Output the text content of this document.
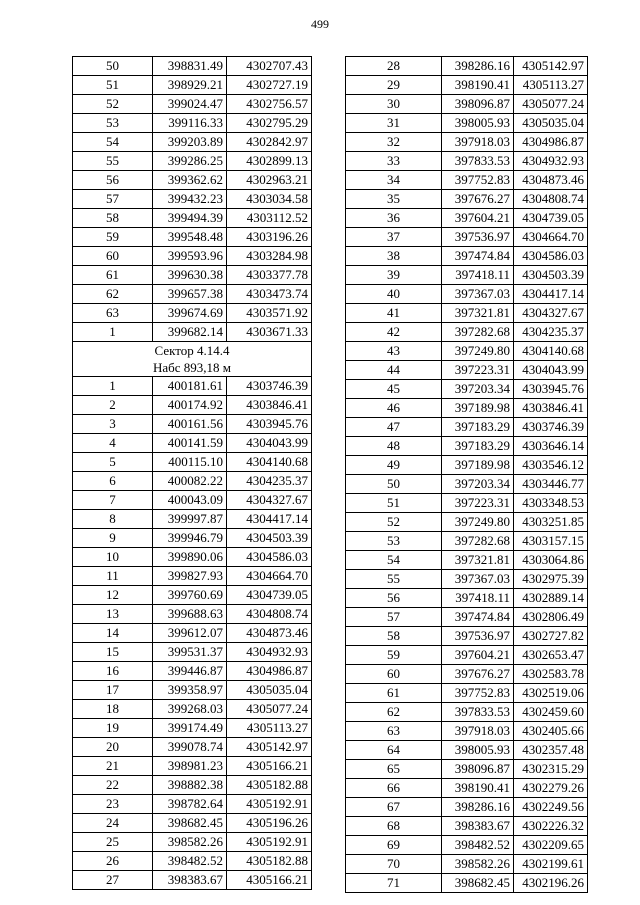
499
50	398831.49	4302707.43
51	398929.21	4302727.19
52	399024.47	4302756.57
53	399116.33	4302795.29
54	399203.89	4302842.97
55	399286.25	4302899.13
56	399362.62	4302963.21
57	399432.23	4303034.58
58	399494.39	4303112.52
59	399548.48	4303196.26
60	399593.96	4303284.98
61	399630.38	4303377.78
62	399657.38	4303473.74
63	399674.69	4303571.92
1	399682.14	4303671.33

Сектор 4.14.4
Набс 893,18 м		

1	400181.61	4303746.39
2	400174.92	4303846.41
3	400161.56	4303945.76
4	400141.59	4304043.99
5	400115.10	4304140.68
6	400082.22	4304235.37
7	400043.09	4304327.67
8	399997.87	4304417.14
9	399946.79	4304503.39
10	399890.06	4304586.03
11	399827.93	4304664.70
12	399760.69	4304739.05
13	399688.63	4304808.74
14	399612.07	4304873.46
15	399531.37	4304932.93
16	399446.87	4304986.87
17	399358.97	4305035.04
18	399268.03	4305077.24
19	399174.49	4305113.27
20	399078.74	4305142.97
21	398981.23	4305166.21
22	398882.38	4305182.88
23	398782.64	4305192.91
24	398682.45	4305196.26
25	398582.26	4305192.91
26	398482.52	4305182.88
27	398383.67	4305166.21
28	398286.16	4305142.97
29	398190.41	4305113.27
30	398096.87	4305077.24
31	398005.93	4305035.04
32	397918.03	4304986.87
33	397833.53	4304932.93
34	397752.83	4304873.46
35	397676.27	4304808.74
36	397604.21	4304739.05
37	397536.97	4304664.70
38	397474.84	4304586.03
39	397418.11	4304503.39
40	397367.03	4304417.14
41	397321.81	4304327.67
42	397282.68	4304235.37
43	397249.80	4304140.68
44	397223.31	4304043.99
45	397203.34	4303945.76
46	397189.98	4303846.41
47	397183.29	4303746.39
48	397183.29	4303646.14
49	397189.98	4303546.12
50	397203.34	4303446.77
51	397223.31	4303348.53
52	397249.80	4303251.85
53	397282.68	4303157.15
54	397321.81	4303064.86
55	397367.03	4302975.39
56	397418.11	4302889.14
57	397474.84	4302806.49
58	397536.97	4302727.82
59	397604.21	4302653.47
60	397676.27	4302583.78
61	397752.83	4302519.06
62	397833.53	4302459.60
63	397918.03	4302405.66
64	398005.93	4302357.48
65	398096.87	4302315.29
66	398190.41	4302279.26
67	398286.16	4302249.56
68	398383.67	4302226.32
69	398482.52	4302209.65
70	398582.26	4302199.61
71	398682.45	4302196.26
